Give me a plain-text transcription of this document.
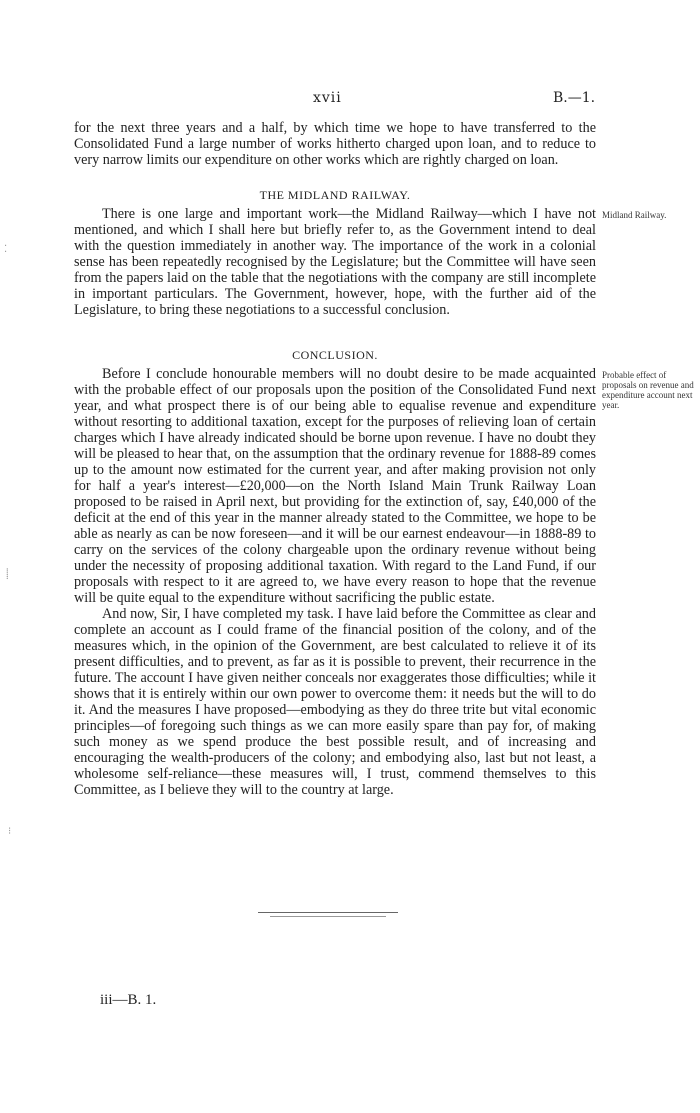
xvii	B.—1.

for the next three years and a half, by which time we hope to have transferred to the Consolidated Fund a large number of works hitherto charged upon loan, and to reduce to very narrow limits our expenditure on other works which are rightly charged on loan.

THE MIDLAND RAILWAY.

There is one large and important work—the Midland Railway—which I have not mentioned, and which I shall here but briefly refer to, as the Government intend to deal with the question immediately in another way. The importance of the work in a colonial sense has been repeatedly recognised by the Legislature; but the Committee will have seen from the papers laid on the table that the negotiations with the company are still incomplete in important particulars. The Government, however, hope, with the further aid of the Legislature, to bring these negotiations to a successful conclusion.

Midland Railway.
CONCLUSION.

Before I conclude honourable members will no doubt desire to be made acquainted with the probable effect of our proposals upon the position of the Consolidated Fund next year, and what prospect there is of our being able to equalise revenue and expenditure without resorting to additional taxation, except for the purposes of relieving loan of certain charges which I have already indicated should be borne upon revenue. I have no doubt they will be pleased to hear that, on the assumption that the ordinary revenue for 1888-89 comes up to the amount now estimated for the current year, and after making provision not only for half a year's interest—£20,000—on the North Island Main Trunk Railway Loan proposed to be raised in April next, but providing for the extinction of, say, £40,000 of the deficit at the end of this year in the manner already stated to the Committee, we hope to be able as nearly as can be now foreseen—and it will be our earnest endeavour—in 1888-89 to carry on the services of the colony chargeable upon the ordinary revenue without being under the necessity of proposing additional taxation. With regard to the Land Fund, if our proposals with respect to it are agreed to, we have every reason to hope that the revenue will be quite equal to the expenditure without sacrificing the public estate.

And now, Sir, I have completed my task. I have laid before the Committee as clear and complete an account as I could frame of the financial position of the colony, and of the measures which, in the opinion of the Government, are best calculated to relieve it of its present difficulties, and to prevent, as far as it is possible to prevent, their recurrence in the future. The account I have given neither conceals nor exaggerates those difficulties; while it shows that it is entirely within our own power to overcome them: it needs but the will to do it. And the measures I have proposed—embodying as they do three trite but vital economic principles—of foregoing such things as we can more easily spare than pay for, of making such money as we spend produce the best possible result, and of increasing and encouraging the wealth-producers of the colony; and embodying also, last but not least, a wholesome self-reliance—these measures will, I trust, commend themselves to this Committee, as I believe they will to the country at large.

Probable effect of proposals on revenue and expenditure account next year.
iii—B. 1.
⁚
⸽
⁝
